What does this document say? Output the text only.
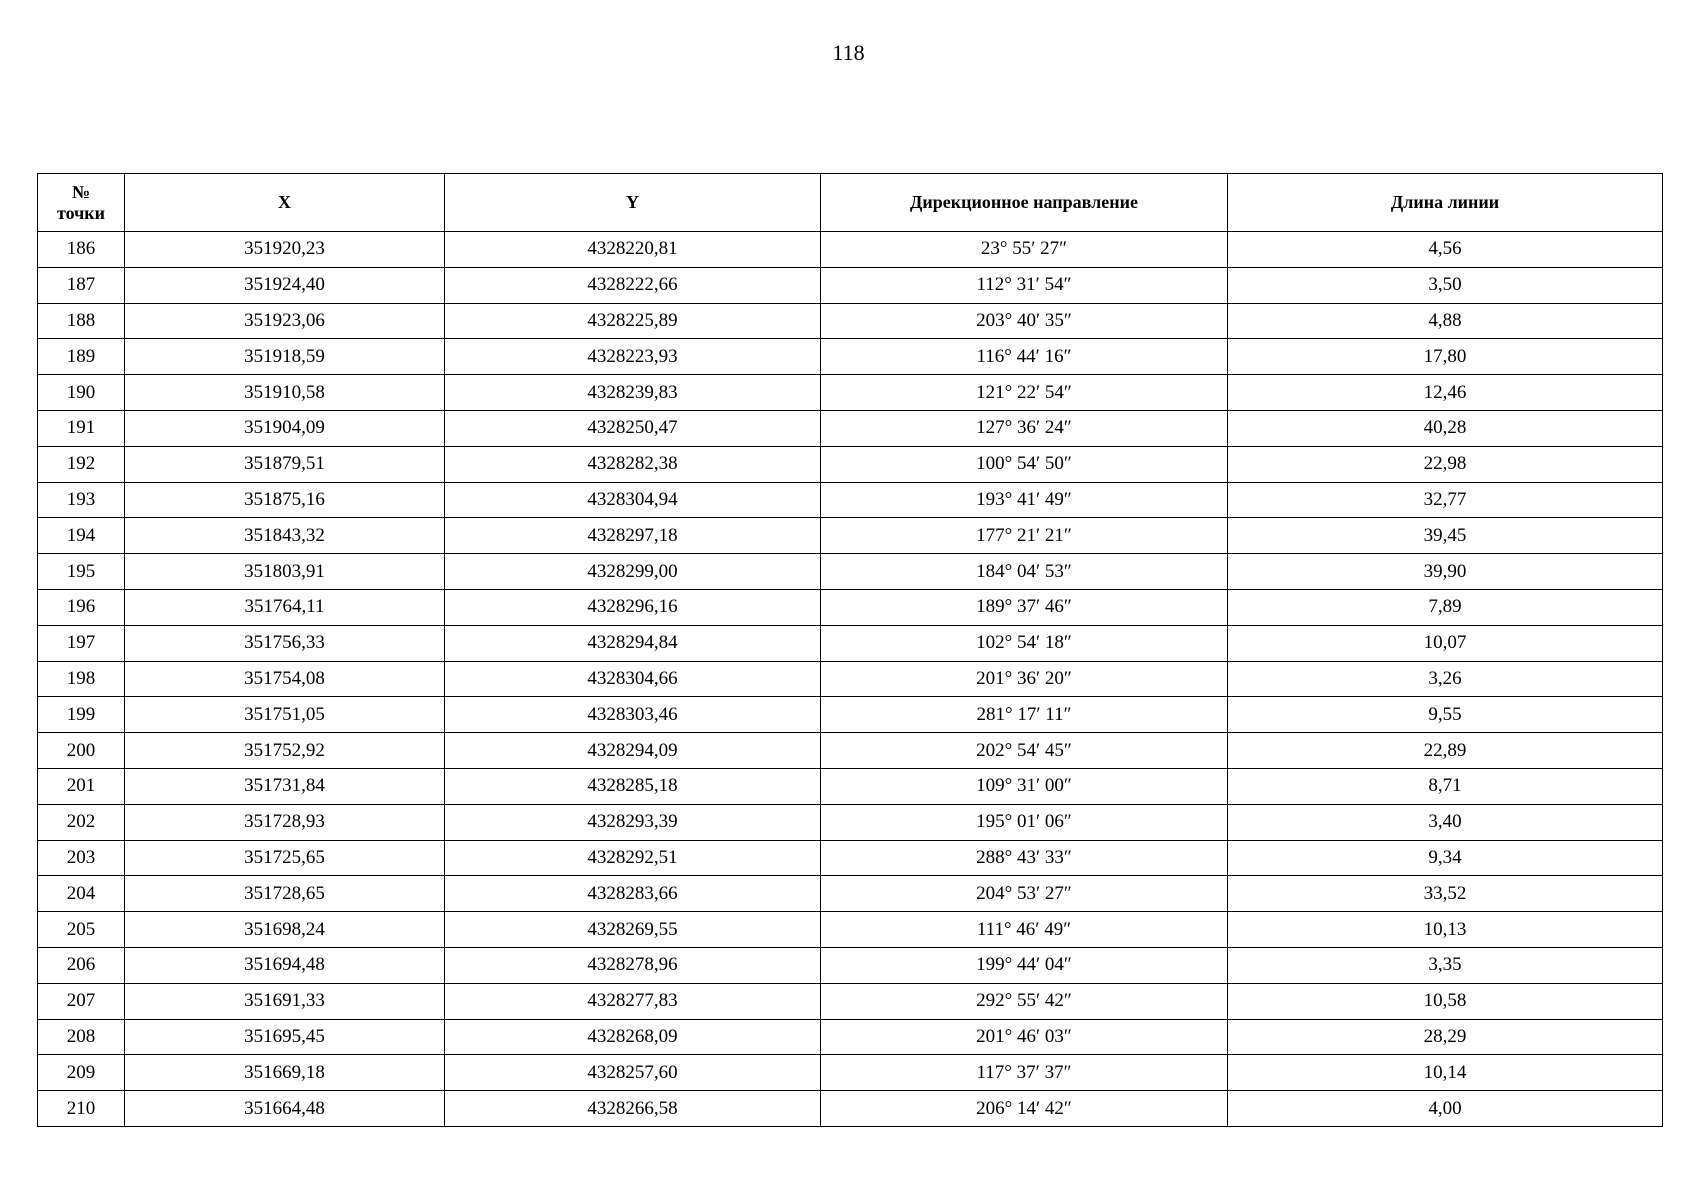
118
№
точки	X	Y	Дирекционное направление	Длина линии
186	351920,23	4328220,81	23° 55′ 27″	4,56
187	351924,40	4328222,66	112° 31′ 54″	3,50
188	351923,06	4328225,89	203° 40′ 35″	4,88
189	351918,59	4328223,93	116° 44′ 16″	17,80
190	351910,58	4328239,83	121° 22′ 54″	12,46
191	351904,09	4328250,47	127° 36′ 24″	40,28
192	351879,51	4328282,38	100° 54′ 50″	22,98
193	351875,16	4328304,94	193° 41′ 49″	32,77
194	351843,32	4328297,18	177° 21′ 21″	39,45
195	351803,91	4328299,00	184° 04′ 53″	39,90
196	351764,11	4328296,16	189° 37′ 46″	7,89
197	351756,33	4328294,84	102° 54′ 18″	10,07
198	351754,08	4328304,66	201° 36′ 20″	3,26
199	351751,05	4328303,46	281° 17′ 11″	9,55
200	351752,92	4328294,09	202° 54′ 45″	22,89
201	351731,84	4328285,18	109° 31′ 00″	8,71
202	351728,93	4328293,39	195° 01′ 06″	3,40
203	351725,65	4328292,51	288° 43′ 33″	9,34
204	351728,65	4328283,66	204° 53′ 27″	33,52
205	351698,24	4328269,55	111° 46′ 49″	10,13
206	351694,48	4328278,96	199° 44′ 04″	3,35
207	351691,33	4328277,83	292° 55′ 42″	10,58
208	351695,45	4328268,09	201° 46′ 03″	28,29
209	351669,18	4328257,60	117° 37′ 37″	10,14
210	351664,48	4328266,58	206° 14′ 42″	4,00
